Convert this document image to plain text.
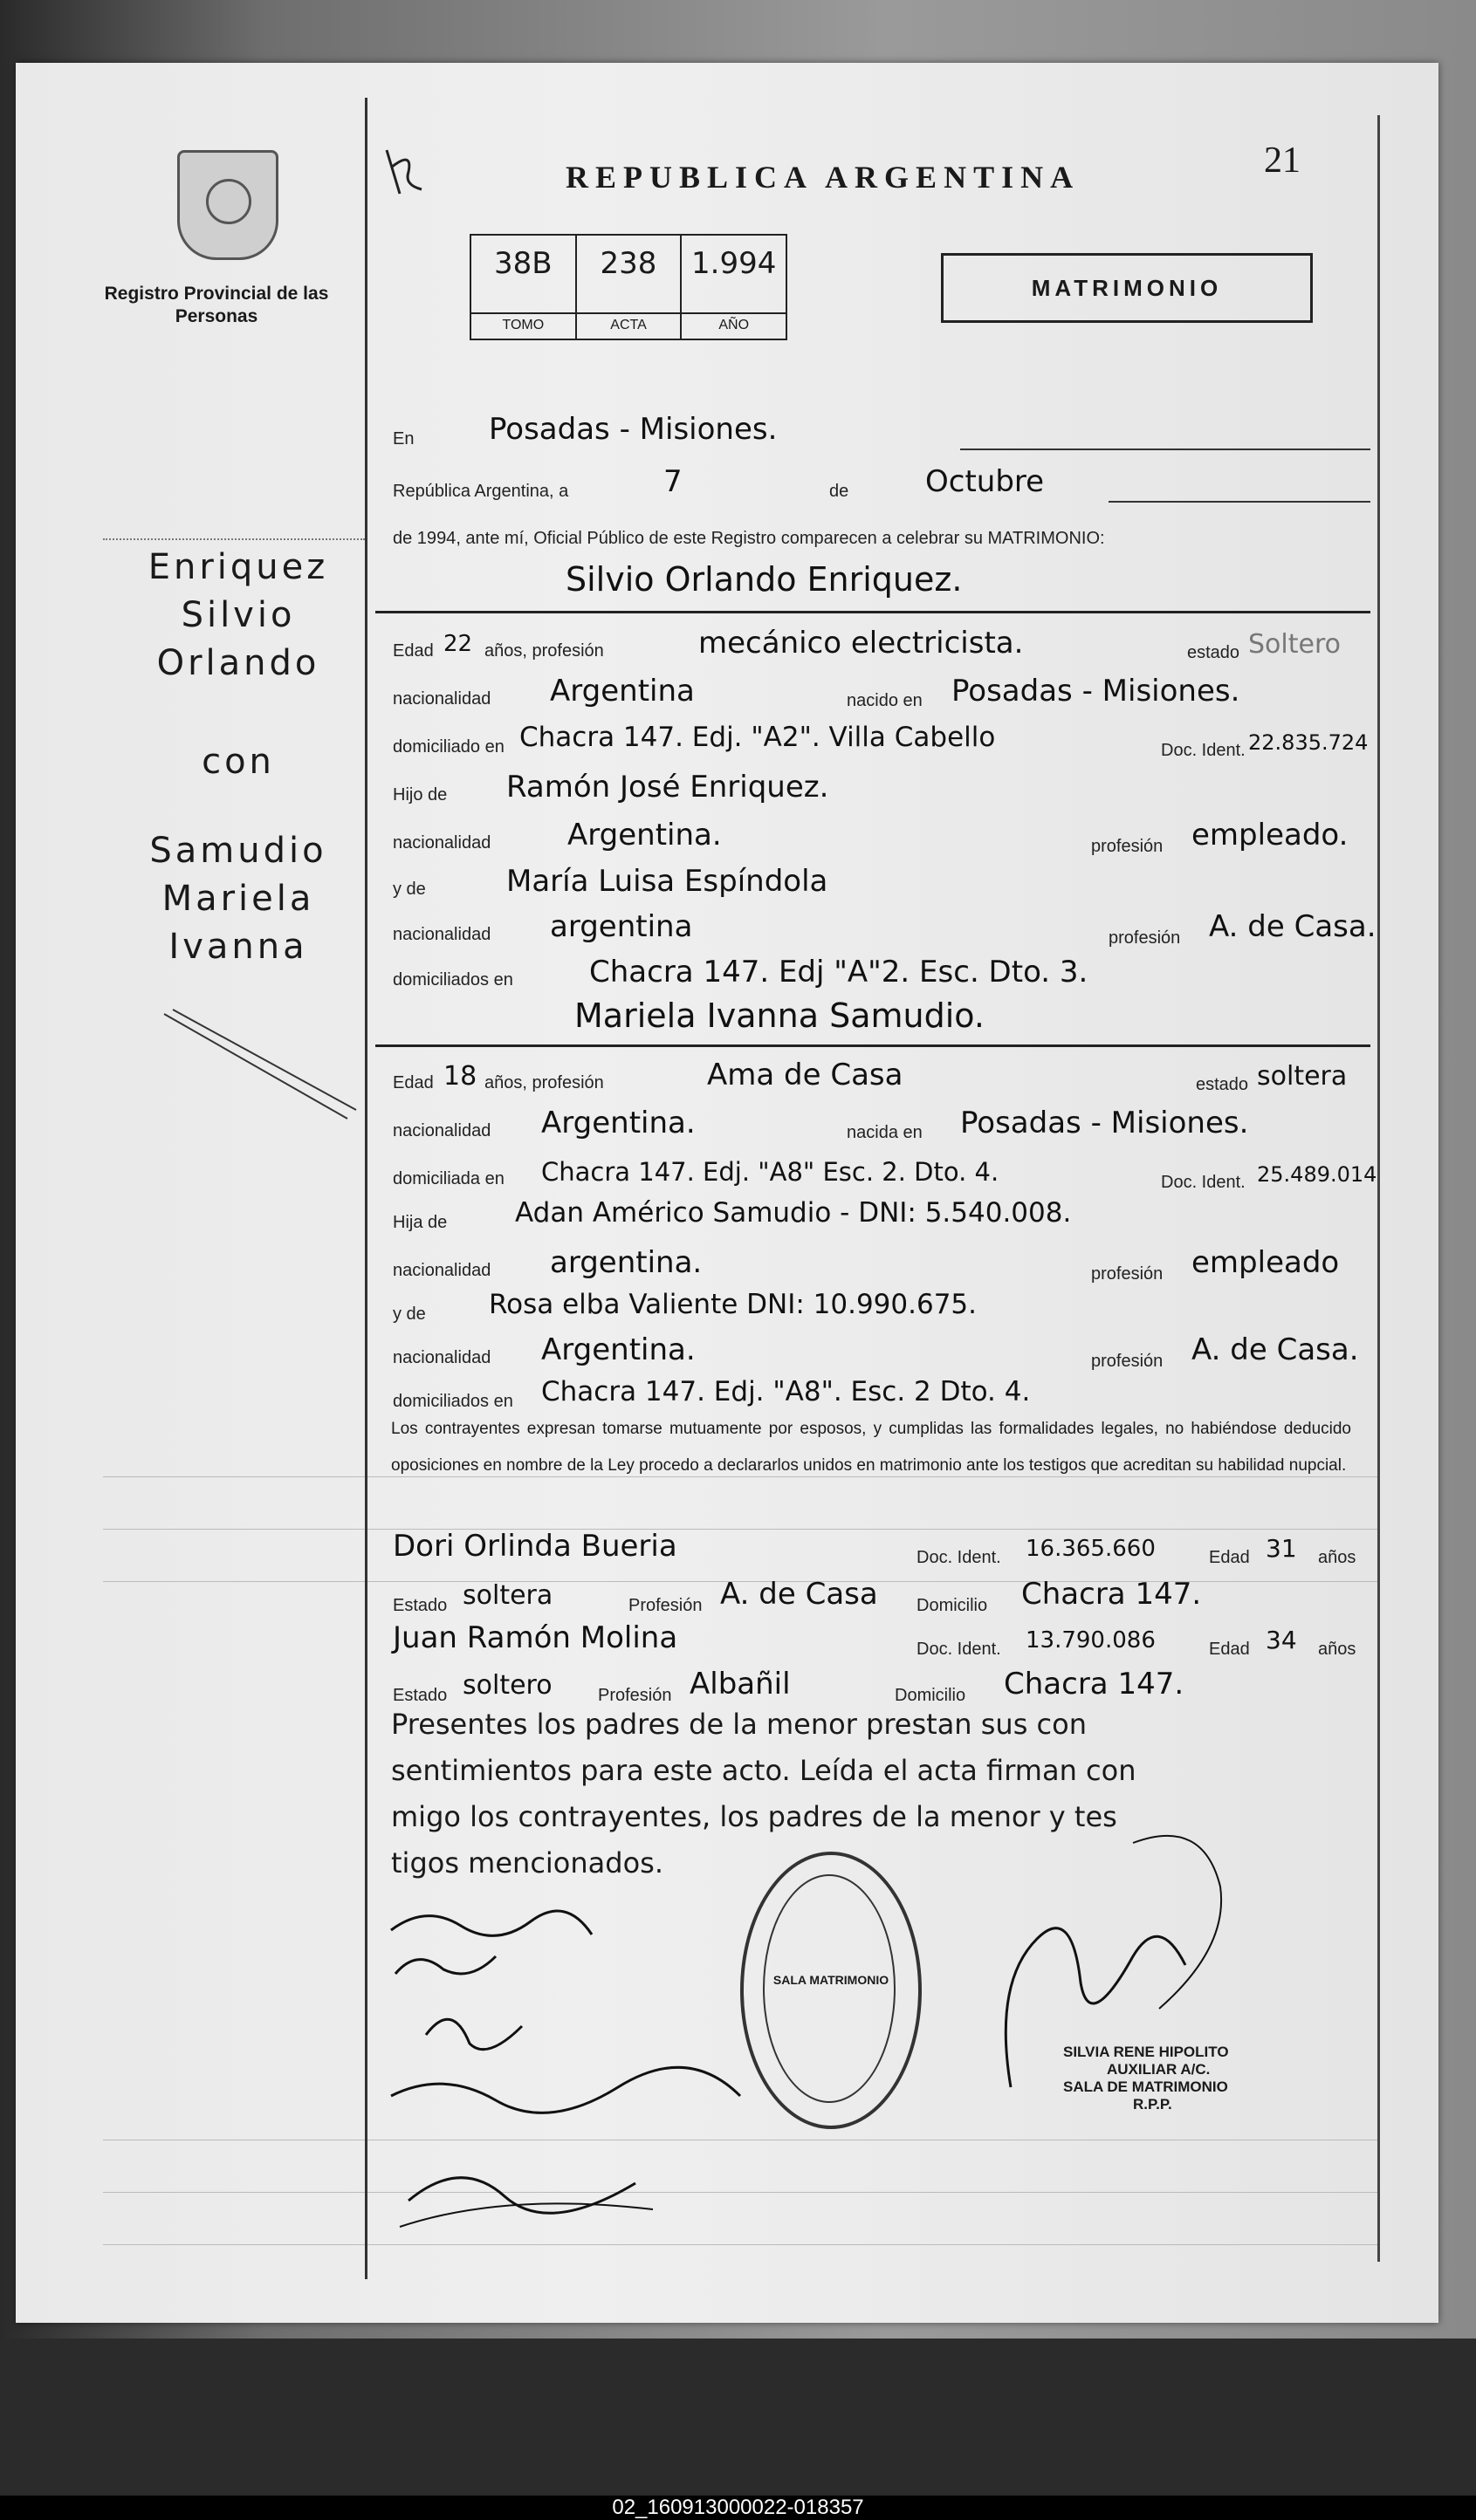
Registro Provincial de las Personas
Enriquez
Silvio
Orlando
con
Samudio
Mariela
Ivanna
REPUBLICA ARGENTINA	21
38B
TOMO
238
ACTA
1.994
AÑO
MATRIMONIO
En	Posadas - Misiones.
República Argentina, a	7	de	Octubre
de 1994, ante mí, Oficial Público de este Registro comparecen a celebrar su MATRIMONIO:
Silvio Orlando Enriquez.
Edad 22 años, profesión	mecánico electricista.	estado Soltero
nacionalidad Argentina	nacido en Posadas - Misiones.
domiciliado en Chacra 147. Edj. "A2". Villa Cabello	Doc. Ident. 22.835.724
Hijo de Ramón José Enriquez.
nacionalidad	Argentina.	profesión empleado.
y de	María Luisa Espíndola
nacionalidad argentina	profesión A. de Casa.
domiciliados en	Chacra 147. Edj "A"2. Esc. Dto. 3.
Mariela Ivanna Samudio.
Edad 18 años, profesión	Ama de Casa	estado soltera
nacionalidad Argentina.	nacida en Posadas - Misiones.
domiciliada en Chacra 147. Edj. "A8" Esc. 2. Dto. 4.	Doc. Ident. 25.489.014
Hija de	Adan Américo Samudio - DNI: 5.540.008.
nacionalidad argentina.	profesión empleado
y de Rosa elba Valiente DNI: 10.990.675.
nacionalidad Argentina.	profesión A. de Casa.
domiciliados en Chacra 147. Edj. "A8". Esc. 2 Dto. 4.
Los contrayentes expresan tomarse mutuamente por esposos, y cumplidas las formalidades legales, no habiéndose deducido oposiciones en nombre de la Ley procedo a declararlos unidos en matrimonio ante los testigos que acreditan su habilidad nupcial.
Dori Orlinda Bueria	Doc. Ident. 16.365.660	Edad 31 años
Estado soltera	Profesión A. de Casa Domicilio Chacra 147.
Juan Ramón Molina	Doc. Ident. 13.790.086	Edad 34 años
Estado soltero	Profesión Albañil	Domicilio Chacra 147.
Presentes los padres de la menor prestan sus con
sentimientos para este acto. Leída el acta firman con
migo los contrayentes, los padres de la menor y tes
tigos mencionados.
SALA MATRIMONIO
SILVIA RENE HIPOLITO
AUXILIAR A/C.
SALA DE MATRIMONIO
R.P.P.
02_160913000022-018357
